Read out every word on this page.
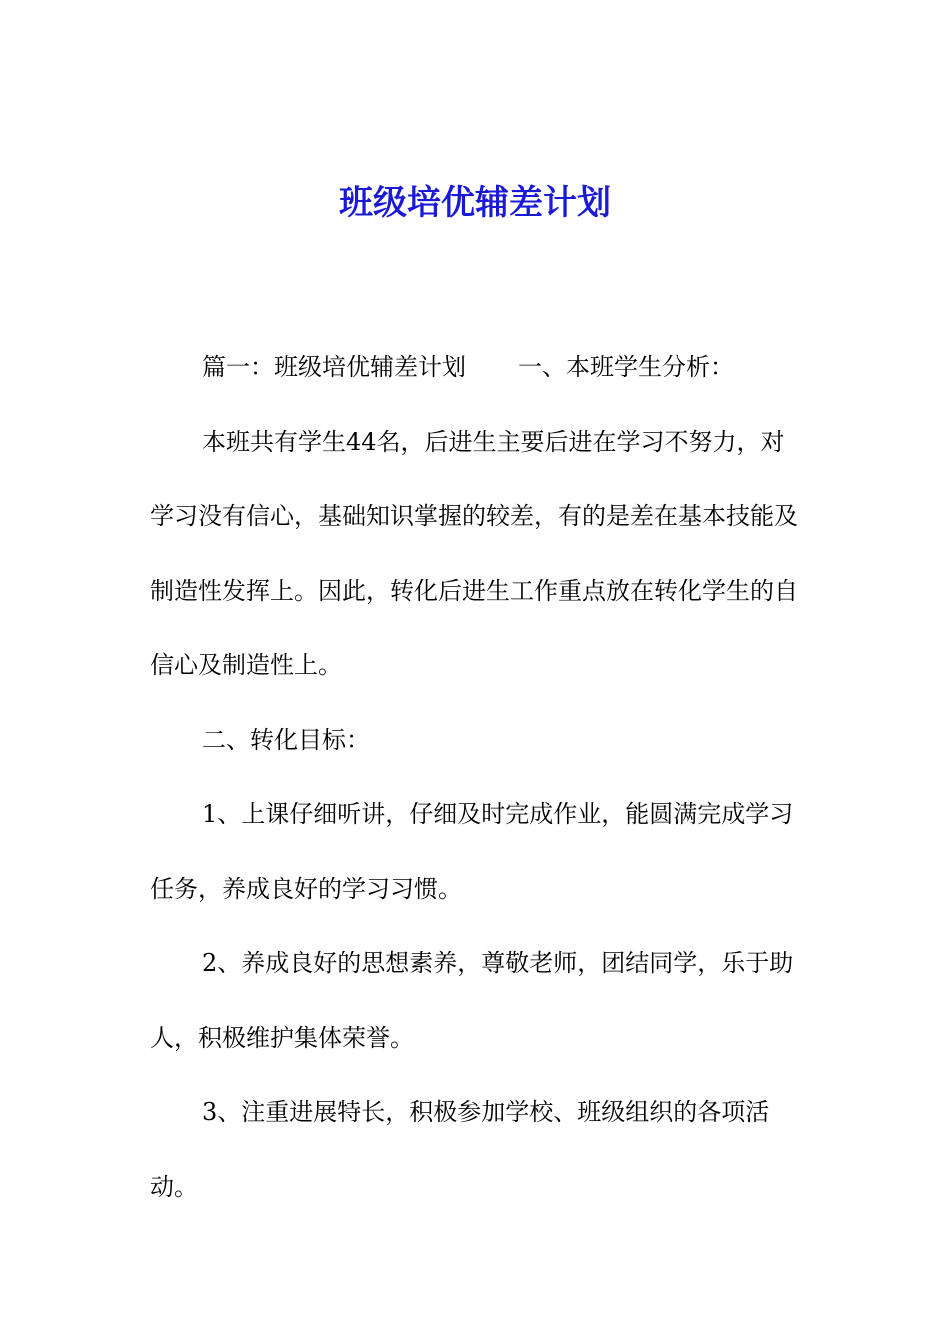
班级培优辅差计划

篇一：班级培优辅差计划 一、本班学生分析：

本班共有学生44名，后进生主要后进在学习不努力，对学习没有信心，基础知识掌握的较差，有的是差在基本技能及制造性发挥上。因此，转化后进生工作重点放在转化学生的自信心及制造性上。

二、转化目标：

1、上课仔细听讲，仔细及时完成作业，能圆满完成学习任务，养成良好的学习习惯。

2、养成良好的思想素养，尊敬老师，团结同学，乐于助人，积极维护集体荣誉。

3、注重进展特长，积极参加学校、班级组织的各项活动。
